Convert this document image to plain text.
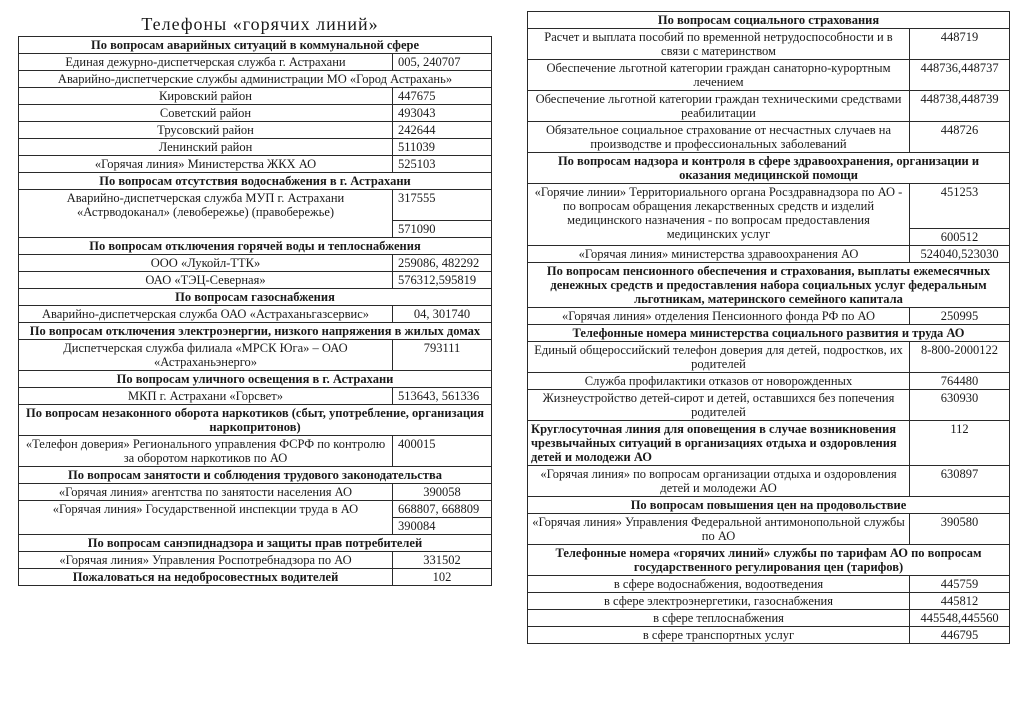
Телефоны «горячих линий»
По вопросам аварийных ситуаций в коммунальной сфере	
Единая дежурно-диспетчерская служба г. Астрахани	005, 240707
Аварийно-диспетчерские службы администрации МО «Город Астрахань»	
Кировский район	447675
Советский район	493043
Трусовский район	242644
Ленинский район	511039
«Горячая линия» Министерства ЖКХ АО	525103
По вопросам отсутствия водоснабжения в г. Астрахани	
Аварийно-диспетчерская служба МУП г. Астрахани «Астрводоканал» (левобережье) (правобережье)	317555
	571090
По вопросам отключения горячей воды и теплоснабжения	
ООО «Лукойл-ТТК»	259086, 482292
ОАО «ТЭЦ-Северная»	576312,595819
По вопросам газоснабжения	
Аварийно-диспетчерская служба ОАО «Астраханьгазсервис»	04, 301740
По вопросам отключения электроэнергии, низкого напряжения в жилых домах	
Диспетчерская служба филиала «МРСК Юга» – ОАО «Астраханьэнерго»	793111
По вопросам уличного освещения в г. Астрахани	
МКП г. Астрахани «Горсвет»	513643, 561336
По вопросам незаконного оборота наркотиков (сбыт, употребление, организация наркопритонов)	
«Телефон доверия» Регионального управления ФСРФ по контролю за оборотом наркотиков по АО	400015
По вопросам занятости и соблюдения трудового законодательства	
«Горячая линия» агентства по занятости населения АО	390058
«Горячая линия» Государственной инспекции труда в АО	668807, 668809
	390084
По вопросам санэпиднадзора и защиты прав потребителей	
«Горячая линия» Управления Роспотребнадзора по АО	331502
Пожаловаться на недобросовестных водителей	102
По вопросам социального страхования	
Расчет и выплата пособий по временной нетрудоспособности и в связи с материнством	448719
Обеспечение льготной категории граждан санаторно-курортным лечением	448736,448737
Обеспечение льготной категории граждан техническими средствами реабилитации	448738,448739
Обязательное социальное страхование от несчастных случаев на производстве и профессиональных заболеваний	448726
По вопросам надзора и контроля в сфере здравоохранения, организации и оказания медицинской помощи	
«Горячие линии» Территориального органа Росздравнадзора по АО - по вопросам обращения лекарственных средств и изделий медицинского назначения - по вопросам предоставления медицинских услуг	451253
	600512
«Горячая линия» министерства здравоохранения АО	524040,523030
По вопросам пенсионного обеспечения и страхования, выплаты ежемесячных денежных средств и предоставления набора социальных услуг федеральным льготникам, материнского семейного капитала	
«Горячая линия» отделения Пенсионного фонда РФ по АО	250995
Телефонные номера министерства социального развития и труда АО	
Единый общероссийский телефон доверия для детей, подростков, их родителей	8-800-2000122
Служба профилактики отказов от новорожденных	764480
Жизнеустройство детей-сирот и детей, оставшихся без попечения родителей	630930
Круглосуточная линия для оповещения в случае возникновения чрезвычайных ситуаций в организациях отдыха и оздоровления детей и молодежи АО	112
«Горячая линия» по вопросам организации отдыха и оздоровления детей и молодежи АО	630897
По вопросам повышения цен на продовольствие	
«Горячая линия» Управления Федеральной антимонопольной службы по АО	390580
Телефонные номера «горячих линий» службы по тарифам АО по вопросам государственного регулирования цен (тарифов)	
в сфере водоснабжения, водоотведения	445759
в сфере электроэнергетики, газоснабжения	445812
в сфере теплоснабжения	445548,445560
в сфере транспортных услуг	446795
